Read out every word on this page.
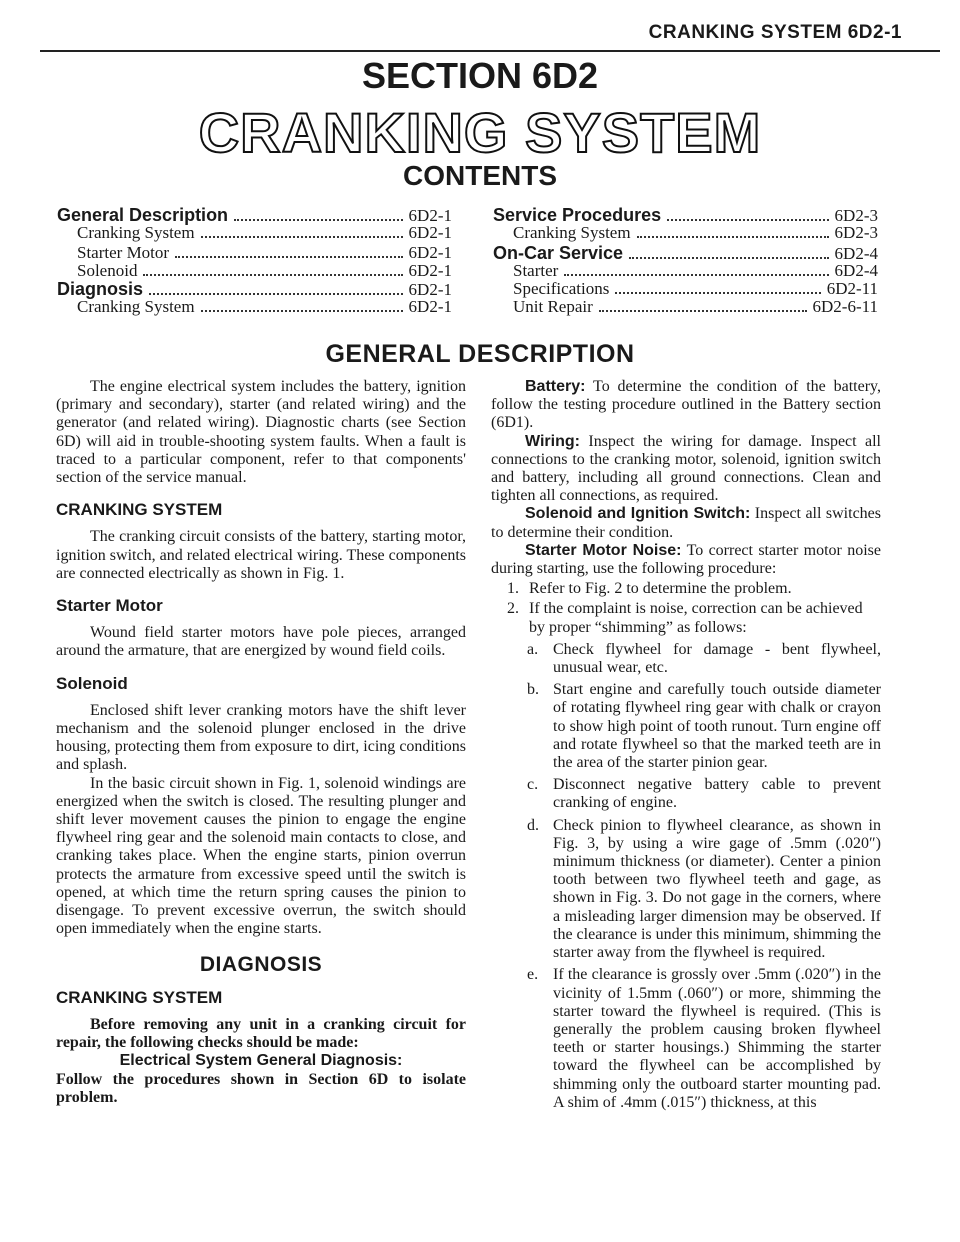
CRANKING SYSTEM 6D2-1
SECTION 6D2
CRANKING SYSTEM
CONTENTS
General Description	6D2-1
Cranking System	6D2-1
Starter Motor	6D2-1
Solenoid	6D2-1
Diagnosis	6D2-1
Cranking System	6D2-1
Service Procedures	6D2-3
Cranking System	6D2-3
On-Car Service	6D2-4
Starter	6D2-4
Specifications	6D2-11
Unit Repair	6D2-6-11
GENERAL DESCRIPTION

The engine electrical system includes the battery, ignition (primary and secondary), starter (and related wiring) and the generator (and related wiring). Diagnostic charts (see Section 6D) will aid in trouble-shooting system faults. When a fault is traced to a particular component, refer to that components' section of the service manual.

CRANKING SYSTEM

The cranking circuit consists of the battery, starting motor, ignition switch, and related electrical wiring. These components are connected electrically as shown in Fig. 1.

Starter Motor

Wound field starter motors have pole pieces, arranged around the armature, that are energized by wound field coils.

Solenoid

Enclosed shift lever cranking motors have the shift lever mechanism and the solenoid plunger enclosed in the drive housing, protecting them from exposure to dirt, icing conditions and splash.

In the basic circuit shown in Fig. 1, solenoid windings are energized when the switch is closed. The resulting plunger and shift lever movement causes the pinion to engage the engine flywheel ring gear and the solenoid main contacts to close, and cranking takes place. When the engine starts, pinion overrun protects the armature from excessive speed until the switch is opened, at which time the return spring causes the pinion to disengage. To prevent excessive overrun, the switch should open immediately when the engine starts.

DIAGNOSIS
CRANKING SYSTEM

Before removing any unit in a cranking circuit for repair, the following checks should be made:

Electrical System General Diagnosis:

Follow the procedures shown in Section 6D to isolate problem.

Battery: To determine the condition of the battery, follow the testing procedure outlined in the Battery section (6D1).

Wiring: Inspect the wiring for damage. Inspect all connections to the cranking motor, solenoid, ignition switch and battery, including all ground connections. Clean and tighten all connections, as required.

Solenoid and Ignition Switch: Inspect all switches to determine their condition.

Starter Motor Noise: To correct starter motor noise during starting, use the following procedure:

1. Refer to Fig. 2 to determine the problem.
2. If the complaint is noise, correction can be achieved by proper “shimming” as follows:
a. Check flywheel for damage - bent flywheel, unusual wear, etc.
b. Start engine and carefully touch outside diameter of rotating flywheel ring gear with chalk or crayon to show high point of tooth runout. Turn engine off and rotate flywheel so that the marked teeth are in the area of the starter pinion gear.
c. Disconnect negative battery cable to prevent cranking of engine.
d. Check pinion to flywheel clearance, as shown in Fig. 3, by using a wire gage of .5mm (.020″) minimum thickness (or diameter). Center a pinion tooth between two flywheel teeth and gage, as shown in Fig. 3. Do not gage in the corners, where a misleading larger dimension may be observed. If the clearance is under this minimum, shimming the starter away from the flywheel is required.
e. If the clearance is grossly over .5mm (.020″) in the vicinity of 1.5mm (.060″) or more, shimming the starter toward the flywheel is required. (This is generally the problem causing broken flywheel teeth or starter housings.) Shimming the starter toward the flywheel can be accomplished by shimming only the outboard starter mounting pad. A shim of .4mm (.015″) thickness, at this
